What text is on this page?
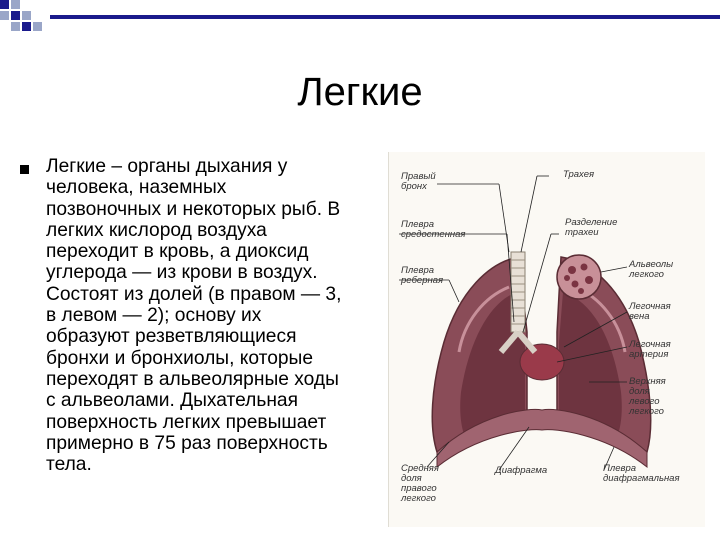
Легкие
Легкие – органы дыхания у человека, наземных позвоночных и некоторых рыб. В легких кислород воздуха переходит в кровь, а диоксид углерода — из крови в воздух. Состоят из долей (в правом — 3, в левом — 2); основу их образуют резветвляющиеся бронхи и бронхиолы, которые переходят в альвеолярные ходы с альвеолами. Дыхательная поверхность легких превышает примерно в 75 раз поверхность тела.
Правый
бронх
Трахея
Плевра
средостенная
Разделение
трахеи
Плевра
реберная
Альвеолы
легкого
Легочная
вена
Легочная
артерия
Верхняя
доля
левого
легкого
Средняя
доля
правого
легкого
Диафрагма	Плевра
диафрагмальная
